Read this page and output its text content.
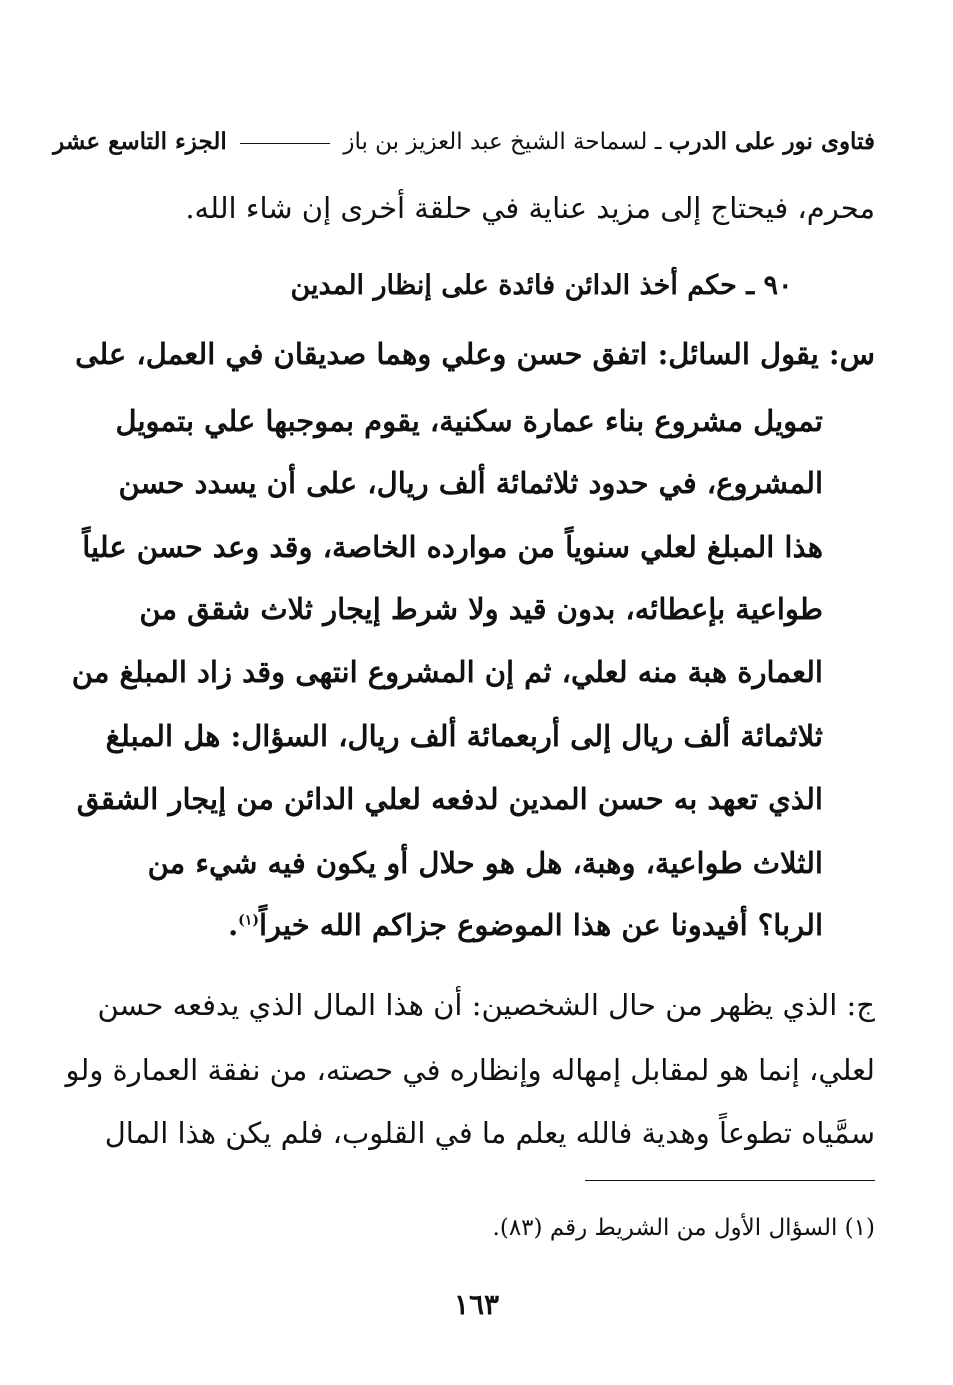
فتاوى نور على الدرب ـ لسماحة الشيخ عبد العزيز بن باز  الجزء التاسع عشر
محرم، فيحتاج إلى مزيد عناية في حلقة أخرى إن شاء الله.
٩٠ ـ حكم أخذ الدائن فائدة على إنظار المدين
س: يقول السائل: اتفق حسن وعلي وهما صديقان في العمل، على
تمويل مشروع بناء عمارة سكنية، يقوم بموجبها علي بتمويل
المشروع، في حدود ثلاثمائة ألف ريال، على أن يسدد حسن
هذا المبلغ لعلي سنوياً من موارده الخاصة، وقد وعد حسن علياً
طواعية بإعطائه، بدون قيد ولا شرط إيجار ثلاث شقق من
العمارة هبة منه لعلي، ثم إن المشروع انتهى وقد زاد المبلغ من
ثلاثمائة ألف ريال إلى أربعمائة ألف ريال، السؤال: هل المبلغ
الذي تعهد به حسن المدين لدفعه لعلي الدائن من إيجار الشقق
الثلاث طواعية، وهبة، هل هو حلال أو يكون فيه شيء من
الربا؟ أفيدونا عن هذا الموضوع جزاكم الله خيراً$^{(١)}$.
ج: الذي يظهر من حال الشخصين: أن هذا المال الذي يدفعه حسن
لعلي، إنما هو لمقابل إمهاله وإنظاره في حصته، من نفقة العمارة ولو
سمَّياه تطوعاً وهدية فالله يعلم ما في القلوب، فلم يكن هذا المال
(١) السؤال الأول من الشريط رقم (٨٣).
١٦٣
